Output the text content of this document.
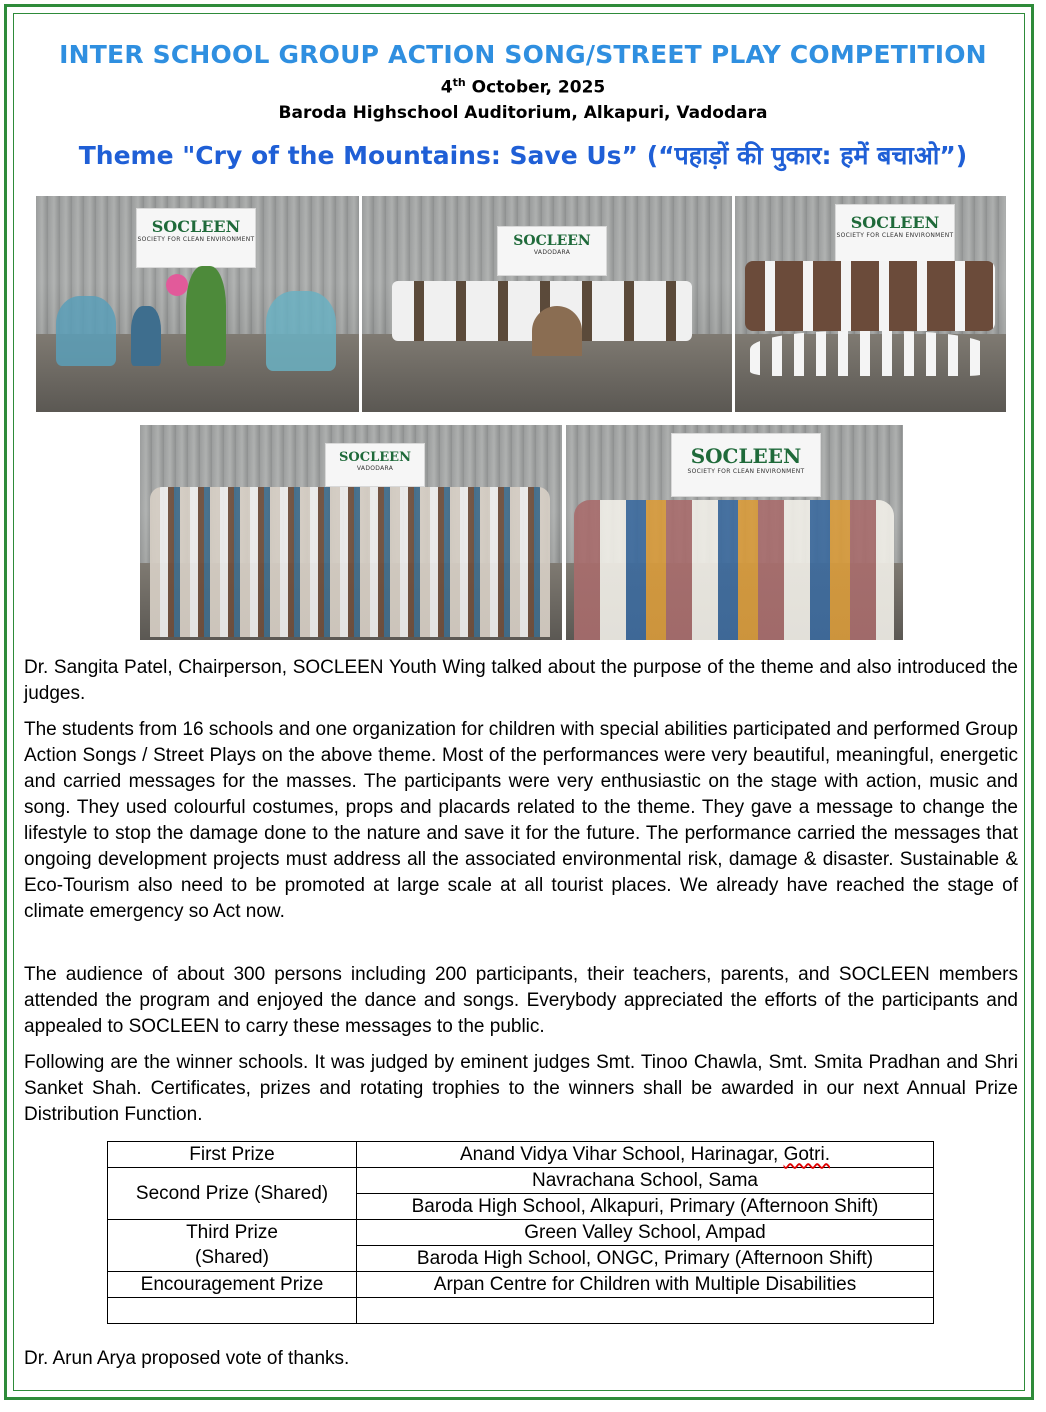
INTER SCHOOL GROUP ACTION SONG/STREET PLAY COMPETITION
4th October, 2025
Baroda Highschool Auditorium, Alkapuri, Vadodara
Theme "Cry of the Mountains: Save Us” (“पहाड़ों की पुकार: हमें बचाओ”)
SOCLEEN
SOCIETY FOR CLEAN ENVIRONMENT	SOCLEEN
VADODARA
SOCLEEN
SOCIETY FOR CLEAN ENVIRONMENT
SOCLEEN
VADODARA
SOCLEEN
SOCIETY FOR CLEAN ENVIRONMENT
Dr. Sangita Patel, Chairperson, SOCLEEN Youth Wing talked about the purpose of the theme and also introduced the judges.
The students from 16 schools and one organization for children with special abilities participated and performed Group Action Songs / Street Plays on the above theme. Most of the performances were very beautiful, meaningful, energetic and carried messages for the masses. The participants were very enthusiastic on the stage with action, music and song. They used colourful costumes, props and placards related to the theme. They gave a message to change the lifestyle to stop the damage done to the nature and save it for the future. The performance carried the messages that ongoing development projects must address all the associated environmental risk, damage & disaster. Sustainable & Eco-Tourism also need to be promoted at large scale at all tourist places. We already have reached the stage of climate emergency so Act now.
The audience of about 300 persons including 200 participants, their teachers, parents, and SOCLEEN members attended the program and enjoyed the dance and songs. Everybody appreciated the efforts of the participants and appealed to SOCLEEN to carry these messages to the public.
Following are the winner schools. It was judged by eminent judges Smt. Tinoo Chawla, Smt. Smita Pradhan and Shri Sanket Shah. Certificates, prizes and rotating trophies to the winners shall be awarded in our next Annual Prize Distribution Function.
First Prize	Anand Vidya Vihar School, Harinagar, Gotri.
Second Prize (Shared)	Navrachana School, Sama
	Baroda High School, Alkapuri, Primary (Afternoon Shift)
Third Prize	Green Valley School, Ampad
(Shared)	Baroda High School, ONGC, Primary (Afternoon Shift)
Encouragement Prize	Arpan Centre for Children with Multiple Disabilities

Dr. Arun Arya proposed vote of thanks.
